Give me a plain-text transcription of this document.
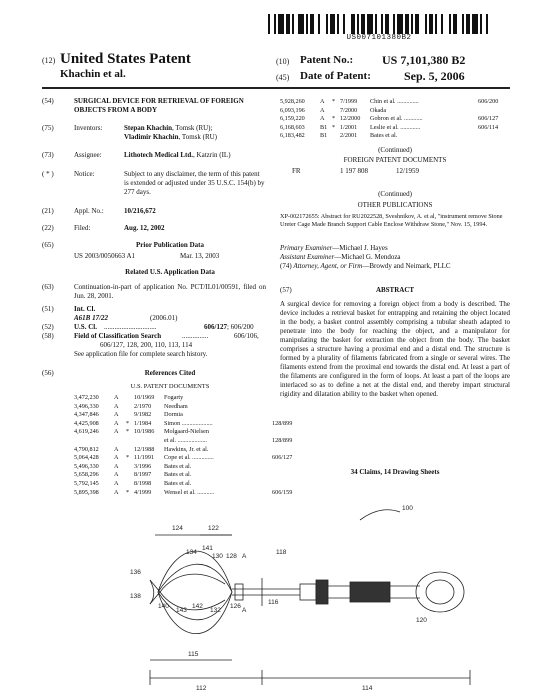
US007101380B2
(12) United States Patent
Khachin et al.
(10) Patent No.: US 7,101,380 B2
(45) Date of Patent:	Sep. 5, 2006
(54)	SURGICAL DEVICE FOR RETRIEVAL OF FOREIGN OBJECTS FROM A BODY
(75)	Inventors:	Stepan Khachin, Tomsk (RU);
Vladimir Khachin, Tomsk (RU)
(73)	Assignee:	Lithotech Medical Ltd., Katzrin (IL)
( * )	Notice:	Subject to any disclaimer, the term of this patent is extended or adjusted under 35 U.S.C. 154(b) by 277 days.
(21)	Appl. No.:	10/216,672
(22)	Filed:	Aug. 12, 2002
(65)	Prior Publication Data
US 2003/0050663 A1	Mar. 13, 2003
Related U.S. Application Data
(63)	Continuation-in-part of application No. PCT/IL01/00591, filed on Jun. 28, 2001.
(51)	Int. Cl.
A61B 17/22	(2006.01)
(52)	U.S. Cl. ..............................	606/127; 606/200
(58)	Field of Classification Search	...............	606/106,
606/127, 128, 200, 110, 113, 114
See application file for complete search history.
(56)	References Cited
U.S. PATENT DOCUMENTS
3,472,230 A	10/1969 Fogarty
3,496,330 A	2/1970 Needham
4,347,846 A	9/1982 Dormia
4,425,908 A * 1/1984 Simon ....................	128/899
4,619,246 A * 10/1986 Molgaard-Nielsen
et al. ...................	128/899
4,790,812 A	12/1988 Hawkins, Jr. et al.
5,064,428 A * 11/1991 Cope et al. ..............	606/127
5,496,330 A	3/1996 Bates et al.
5,658,296 A	8/1997 Bates et al.
5,792,145 A	8/1998 Bates et al.
5,895,398 A * 4/1999 Wensel et al. ...........	606/159
5,928,260 A * 7/1999 Chin et al. ..............	606/200
6,093,196 A	7/2000 Okada
6,159,220 A * 12/2000 Gobron et al. ............	606/127
6,168,603 B1 * 1/2001 Leslie et al. .............	606/114
6,183,482 B1 2/2001 Bates et al.
(Continued)
FOREIGN PATENT DOCUMENTS
FR	1 197 808	12/1959
(Continued)
OTHER PUBLICATIONS
XP-002172655: Abstract for RU2022528, Sveshnikov, A. et al, "instrument remove Stone Ureter Cage Made Branch Support Cable Enclose Withdraw Stone," Nov. 15, 1994.
Primary Examiner—Michael J. Hayes
Assistant Examiner—Michael G. Mendoza
(74) Attorney, Agent, or Firm—Browdy and Neimark, PLLC
(57)	ABSTRACT
A surgical device for removing a foreign object from a body is described. The device includes a retrieval basket for entrapping and retaining the object located in the body, a basket control assembly comprising a tubular sheath adapted to penetrate into the body for reaching the object, and a manipulator for manipulating the basket for extraction the object from the body. The basket comprises a structure having a proximal end and a distal end. The structure is formed by a plurality of filaments fabricated from a single or several wires. The filaments extend from the proximal end towards the distal end. At least a part of the filaments are configured in the form of loops. At least a part of the loops are interlaced so as to define a net at the distal end, and thereby impart structural rigidity and dilatation ability to the basket when opened.
34 Claims, 14 Drawing Sheets
100
124	122
134
141
130 128 A
136
118
138
140
143
142
132
126
A
116
120
115
112	114
